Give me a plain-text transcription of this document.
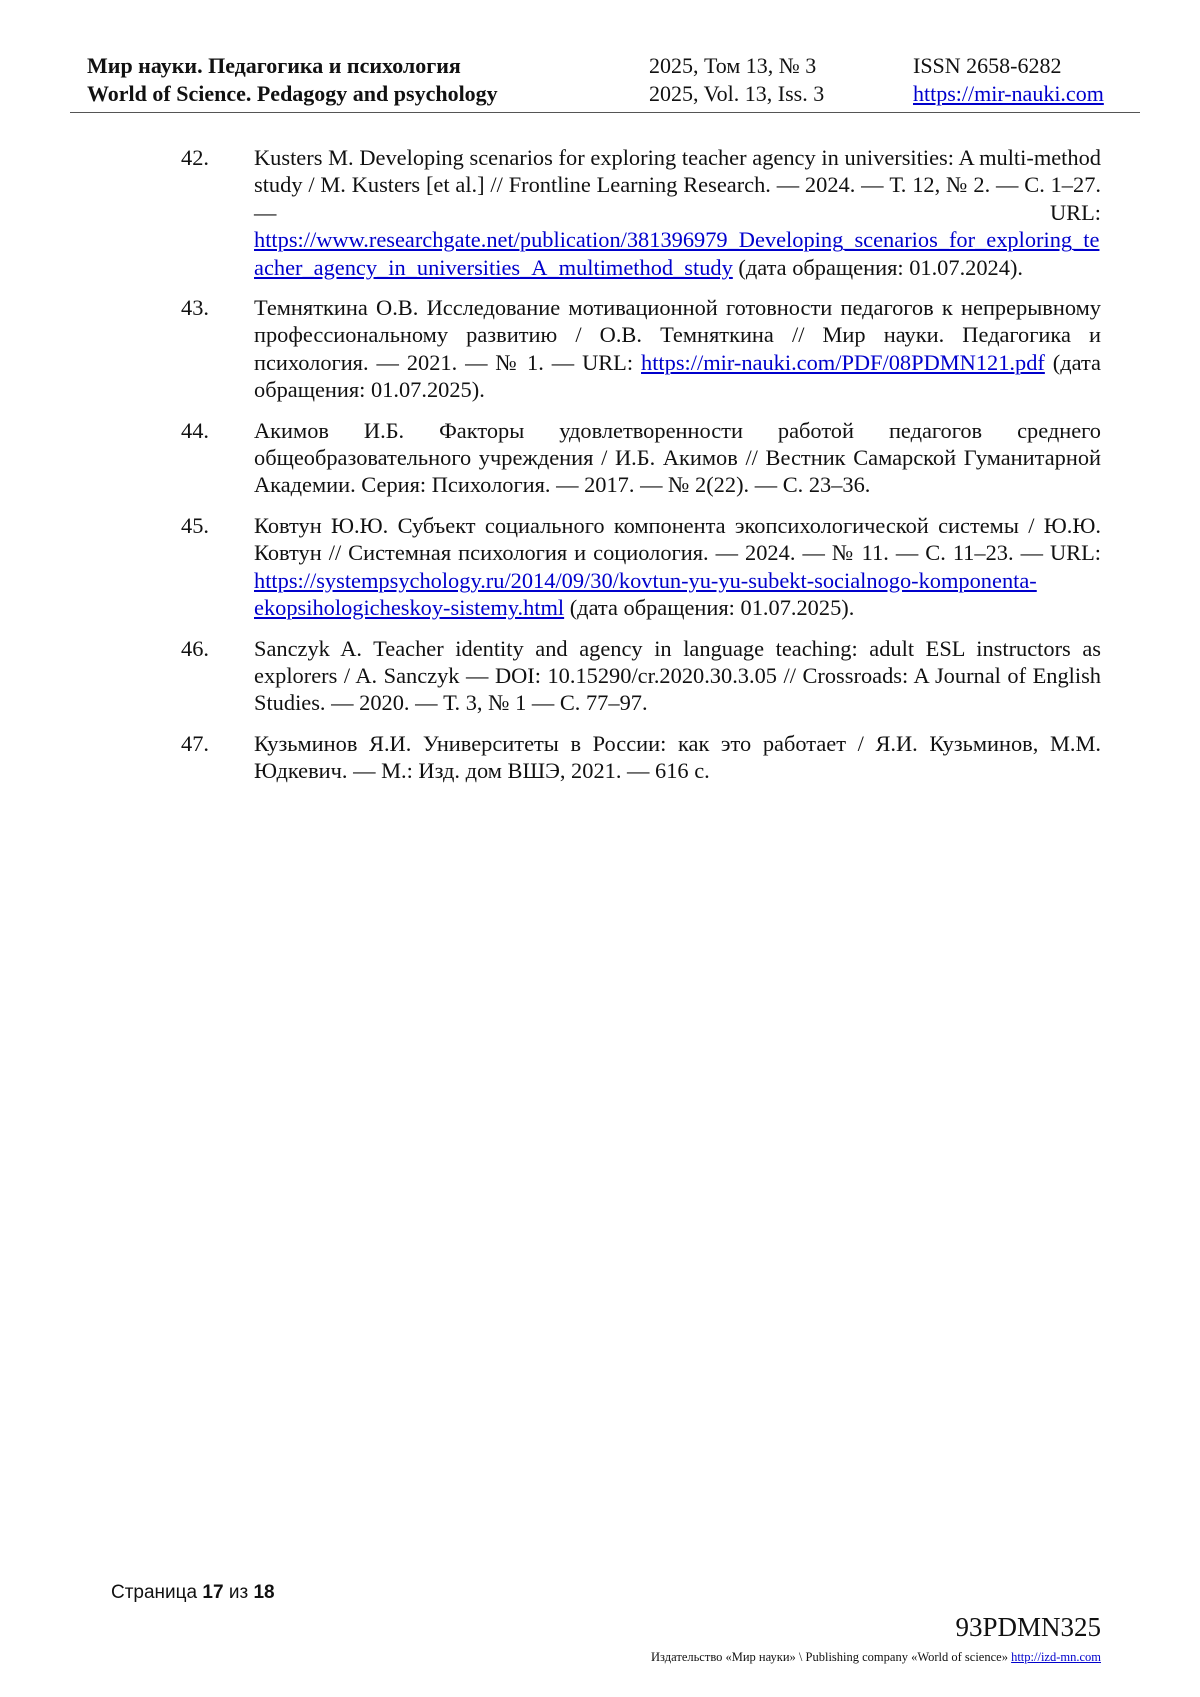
Мир науки. Педагогика и психология
World of Science. Pedagogy and psychology
2025, Том 13, № 3
2025, Vol. 13, Iss. 3
ISSN 2658-6282
https://mir-nauki.com
42.	Kusters M. Developing scenarios for exploring teacher agency in universities: A multi-method study / M. Kusters [et al.] // Frontline Learning Research. — 2024. — Т. 12, № 2. — С. 1–27. — URL: https://www.researchgate.net/publication/381396979_Developing_scenarios_for_exploring_teacher_agency_in_universities_A_multimethod_study (дата обращения: 01.07.2024).
43.	Темняткина О.В. Исследование мотивационной готовности педагогов к непрерывному профессиональному развитию / О.В. Темняткина // Мир науки. Педагогика и психология. — 2021. — № 1. — URL: https://mir-nauki.com/PDF/08PDMN121.pdf (дата обращения: 01.07.2025).
44.	Акимов И.Б. Факторы удовлетворенности работой педагогов среднего общеобразовательного учреждения / И.Б. Акимов // Вестник Самарской Гуманитарной Академии. Серия: Психология. — 2017. — № 2(22). — С. 23–36.
45.	Ковтун Ю.Ю. Субъект социального компонента экопсихологической системы / Ю.Ю. Ковтун // Системная психология и социология. — 2024. — № 11. — С. 11–23. — URL: https://systempsychology.ru/2014/09/30/kovtun-yu-yu-subekt-socialnogo-komponenta-ekopsihologicheskoy-sistemy.html (дата обращения: 01.07.2025).
46.	Sanczyk A. Teacher identity and agency in language teaching: adult ESL instructors as explorers / A. Sanczyk — DOI: 10.15290/cr.2020.30.3.05 // Crossroads: A Journal of English Studies. — 2020. — Т. 3, № 1 — С. 77–97.
47.	Кузьминов Я.И. Университеты в России: как это работает / Я.И. Кузьминов, М.М. Юдкевич. — М.: Изд. дом ВШЭ, 2021. — 616 с.
Страница 17 из 18
93PDMN325
Издательство «Мир науки» \ Publishing company «World of science» http://izd-mn.com
